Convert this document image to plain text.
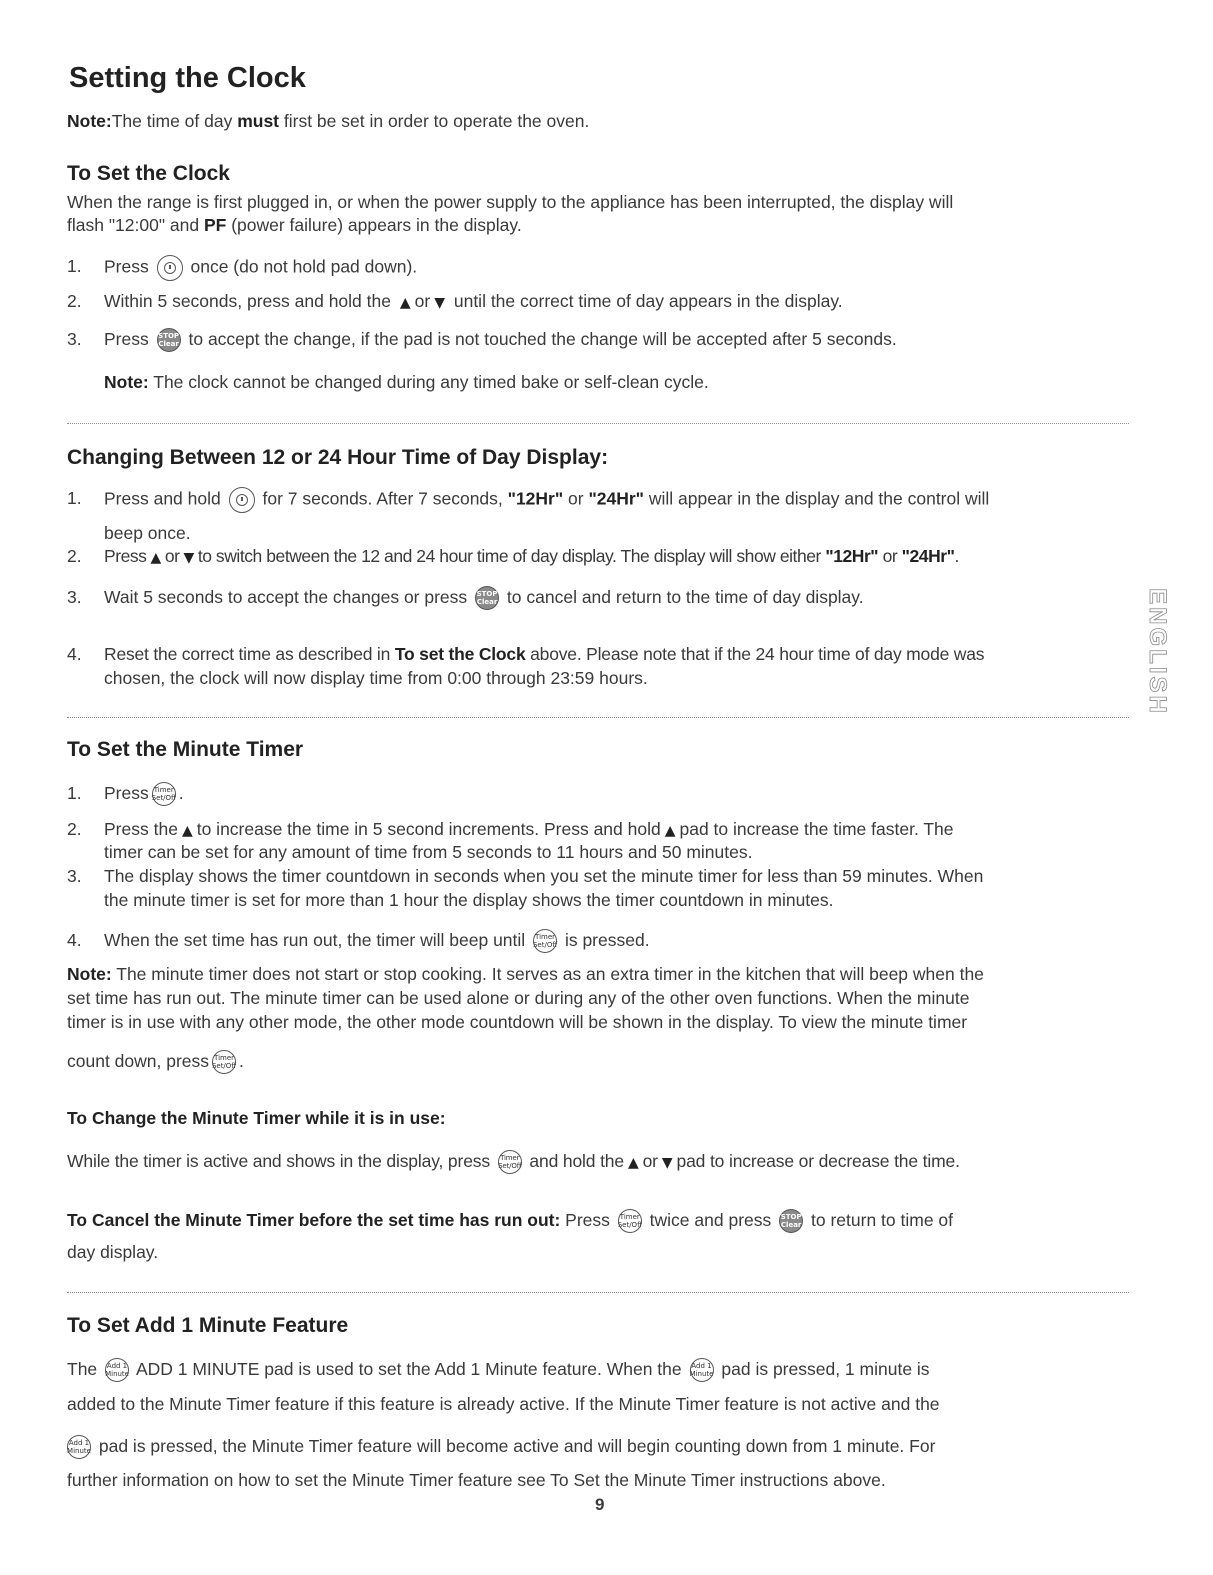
Setting the Clock
Note:The time of day must first be set in order to operate the oven.
To Set the Clock
When the range is first plugged in, or when the power supply to the appliance has been interrupted, the display will
flash "12:00" and PF (power failure) appears in the display.
1.	Press once (do not hold pad down).
2.	Within 5 seconds, press and hold the ▲ or ▼ until the correct time of day appears in the display.
3.	Press STOP
Clear to accept the change, if the pad is not touched the change will be accepted after 5 seconds.
Note: The clock cannot be changed during any timed bake or self-clean cycle.
Changing Between 12 or 24 Hour Time of Day Display:
1.	Press and hold for 7 seconds. After 7 seconds, "12Hr" or "24Hr" will appear in the display and the control will
beep once.
2.	Press ▲ or ▼ to switch between the 12 and 24 hour time of day display. The display will show either "12Hr" or "24Hr".
3.	Wait 5 seconds to accept the changes or press STOP
Clear to cancel and return to the time of day display.
4.	Reset the correct time as described in To set the Clock above. Please note that if the 24 hour time of day mode was
chosen, the clock will now display time from 0:00 through 23:59 hours.
To Set the Minute Timer
1.	Press Timer
Set/Off .
2.	Press the ▲ to increase the time in 5 second increments. Press and hold ▲ pad to increase the time faster. The
timer can be set for any amount of time from 5 seconds to 11 hours and 50 minutes.
3.	The display shows the timer countdown in seconds when you set the minute timer for less than 59 minutes. When
the minute timer is set for more than 1 hour the display shows the timer countdown in minutes.
4.	When the set time has run out, the timer will beep until Timer
Set/Off is pressed.
Note: The minute timer does not start or stop cooking. It serves as an extra timer in the kitchen that will beep when the
set time has run out. The minute timer can be used alone or during any of the other oven functions. When the minute
timer is in use with any other mode, the other mode countdown will be shown in the display. To view the minute timer
count down, press Timer
Set/Off .
To Change the Minute Timer while it is in use:
While the timer is active and shows in the display, press Timer
Set/Off and hold the ▲ or ▼ pad to increase or decrease the time.
To Cancel the Minute Timer before the set time has run out: Press Timer
Set/Off twice and press STOP
Clear to return to time of
day display.
To Set Add 1 Minute Feature
The Add 1
Minute ADD 1 MINUTE pad is used to set the Add 1 Minute feature. When the Add 1
Minute pad is pressed, 1 minute is
added to the Minute Timer feature if this feature is already active. If the Minute Timer feature is not active and the
Add 1
Minute pad is pressed, the Minute Timer feature will become active and will begin counting down from 1 minute. For
further information on how to set the Minute Timer feature see To Set the Minute Timer instructions above.
ENGLISH
9
